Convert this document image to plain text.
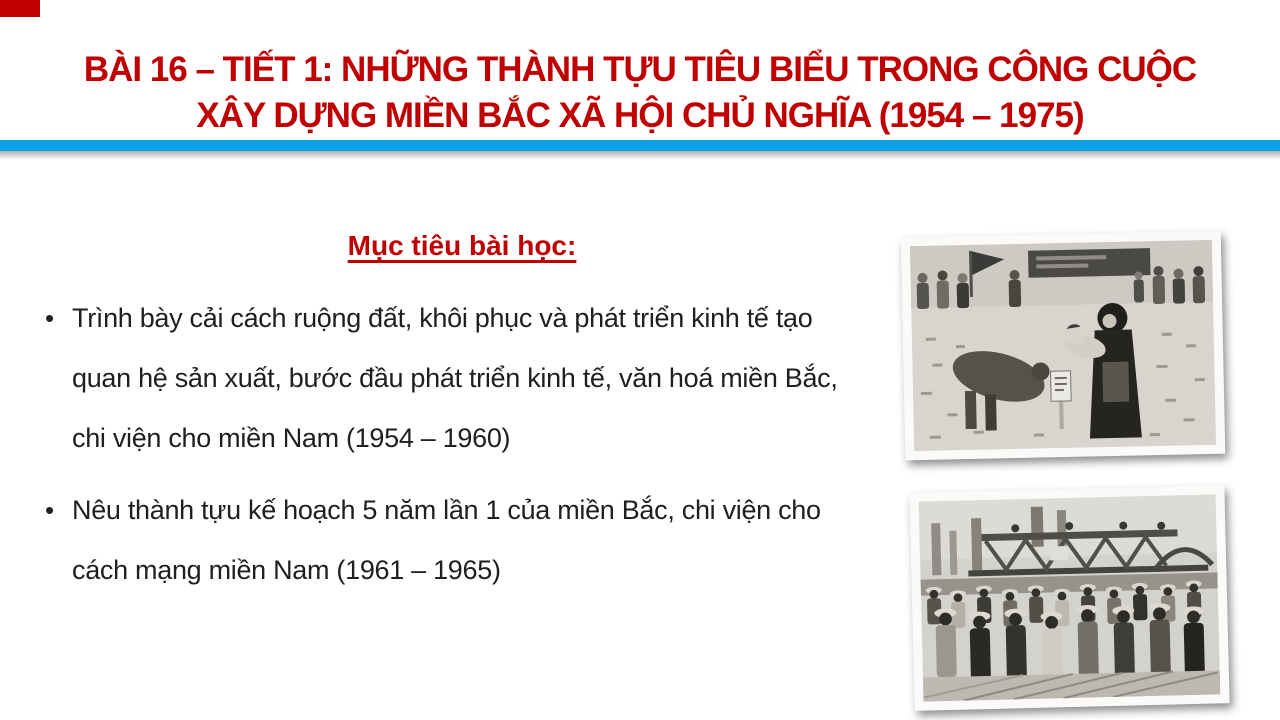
BÀI 16 – TIẾT 1: NHỮNG THÀNH TỰU TIÊU BIỂU TRONG CÔNG CUỘC
XÂY DỰNG MIỀN BẮC XÃ HỘI CHỦ NGHĨA (1954 – 1975)
Mục tiêu bài học:
• Trình bày cải cách ruộng đất, khôi phục và phát triển kinh tế tạo quan hệ sản xuất, bước đầu phát triển kinh tế, văn hoá miền Bắc, chi viện cho miền Nam (1954 – 1960)
• Nêu thành tựu kế hoạch 5 năm lần 1 của miền Bắc, chi viện cho cách mạng miền Nam (1961 – 1965)
